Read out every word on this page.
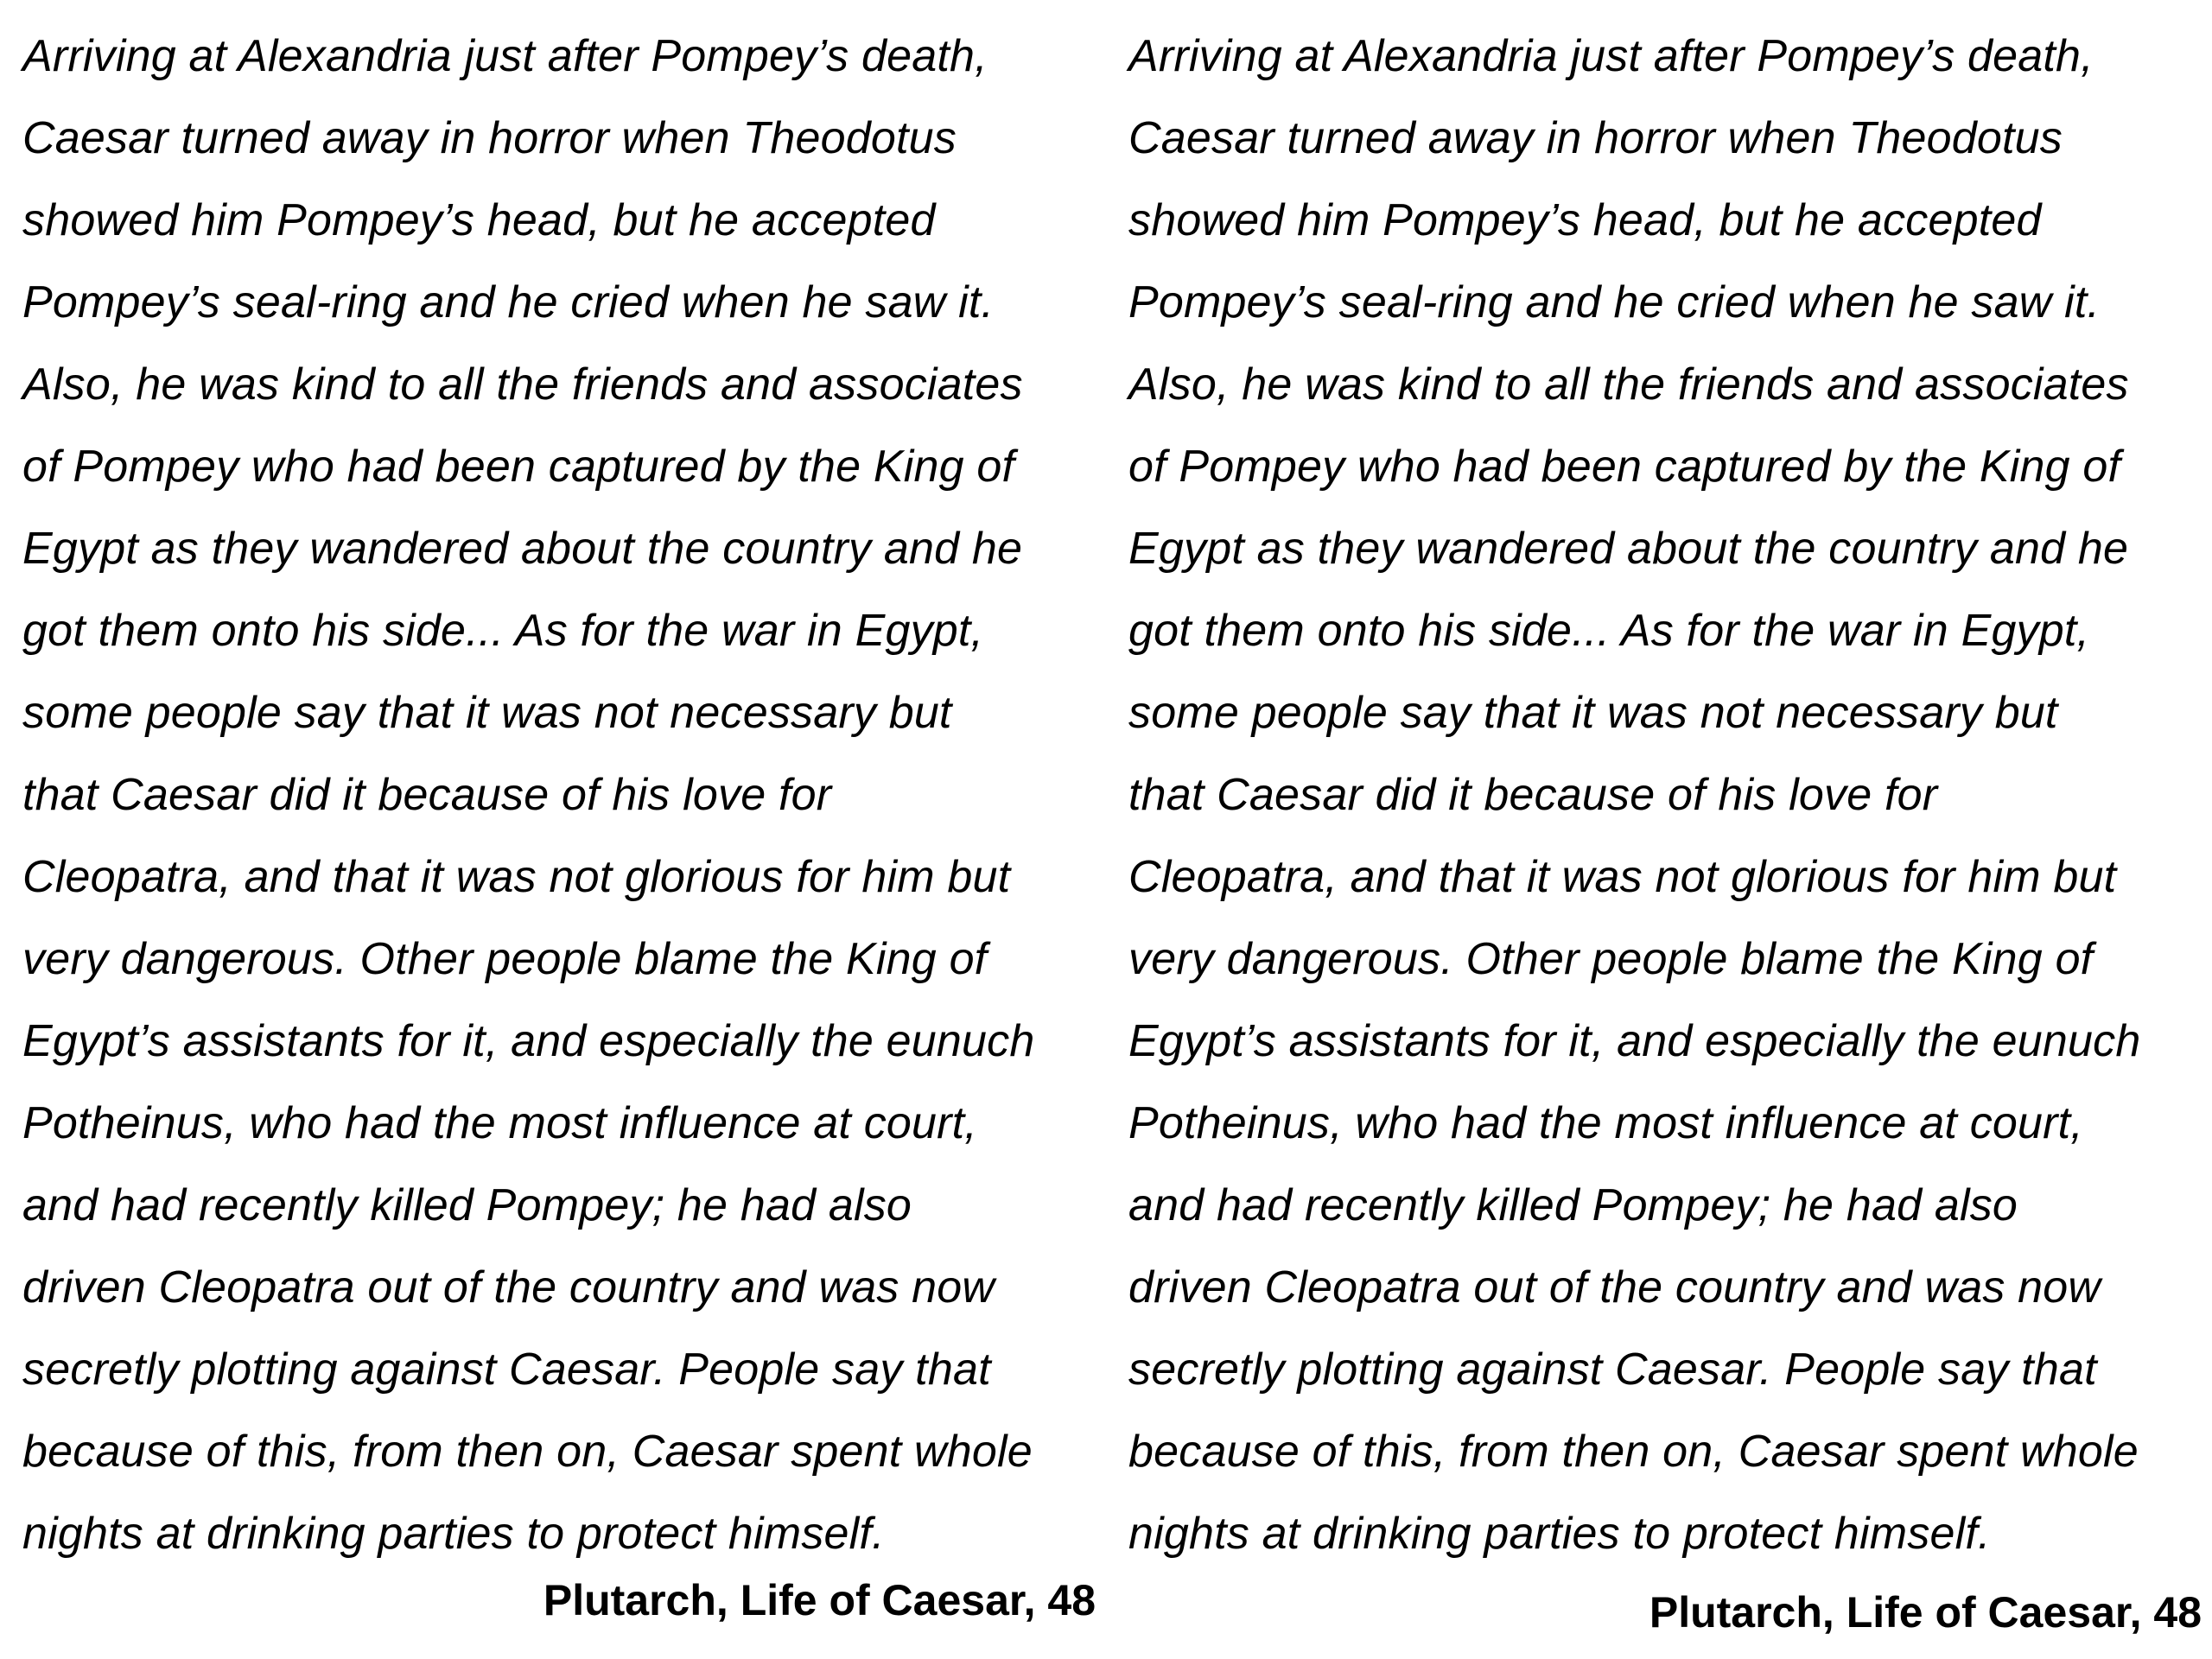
Arriving at Alexandria just after Pompey’s death,
Caesar turned away in horror when Theodotus
showed him Pompey’s head, but he accepted
Pompey’s seal-ring and he cried when he saw it.
Also, he was kind to all the friends and associates
of Pompey who had been captured by the King of
Egypt as they wandered about the country and he
got them onto his side... As for the war in Egypt,
some people say that it was not necessary but
that Caesar did it because of his love for
Cleopatra, and that it was not glorious for him but
very dangerous. Other people blame the King of
Egypt’s assistants for it, and especially the eunuch
Potheinus, who had the most influence at court,
and had recently killed Pompey; he had also
driven Cleopatra out of the country and was now
secretly plotting against Caesar. People say that
because of this, from then on, Caesar spent whole
nights at drinking parties to protect himself.
Plutarch, Life of Caesar, 48
Arriving at Alexandria just after Pompey’s death,
Caesar turned away in horror when Theodotus
showed him Pompey’s head, but he accepted
Pompey’s seal-ring and he cried when he saw it.
Also, he was kind to all the friends and associates
of Pompey who had been captured by the King of
Egypt as they wandered about the country and he
got them onto his side... As for the war in Egypt,
some people say that it was not necessary but
that Caesar did it because of his love for
Cleopatra, and that it was not glorious for him but
very dangerous. Other people blame the King of
Egypt’s assistants for it, and especially the eunuch
Potheinus, who had the most influence at court,
and had recently killed Pompey; he had also
driven Cleopatra out of the country and was now
secretly plotting against Caesar. People say that
because of this, from then on, Caesar spent whole
nights at drinking parties to protect himself.
Plutarch, Life of Caesar, 48
